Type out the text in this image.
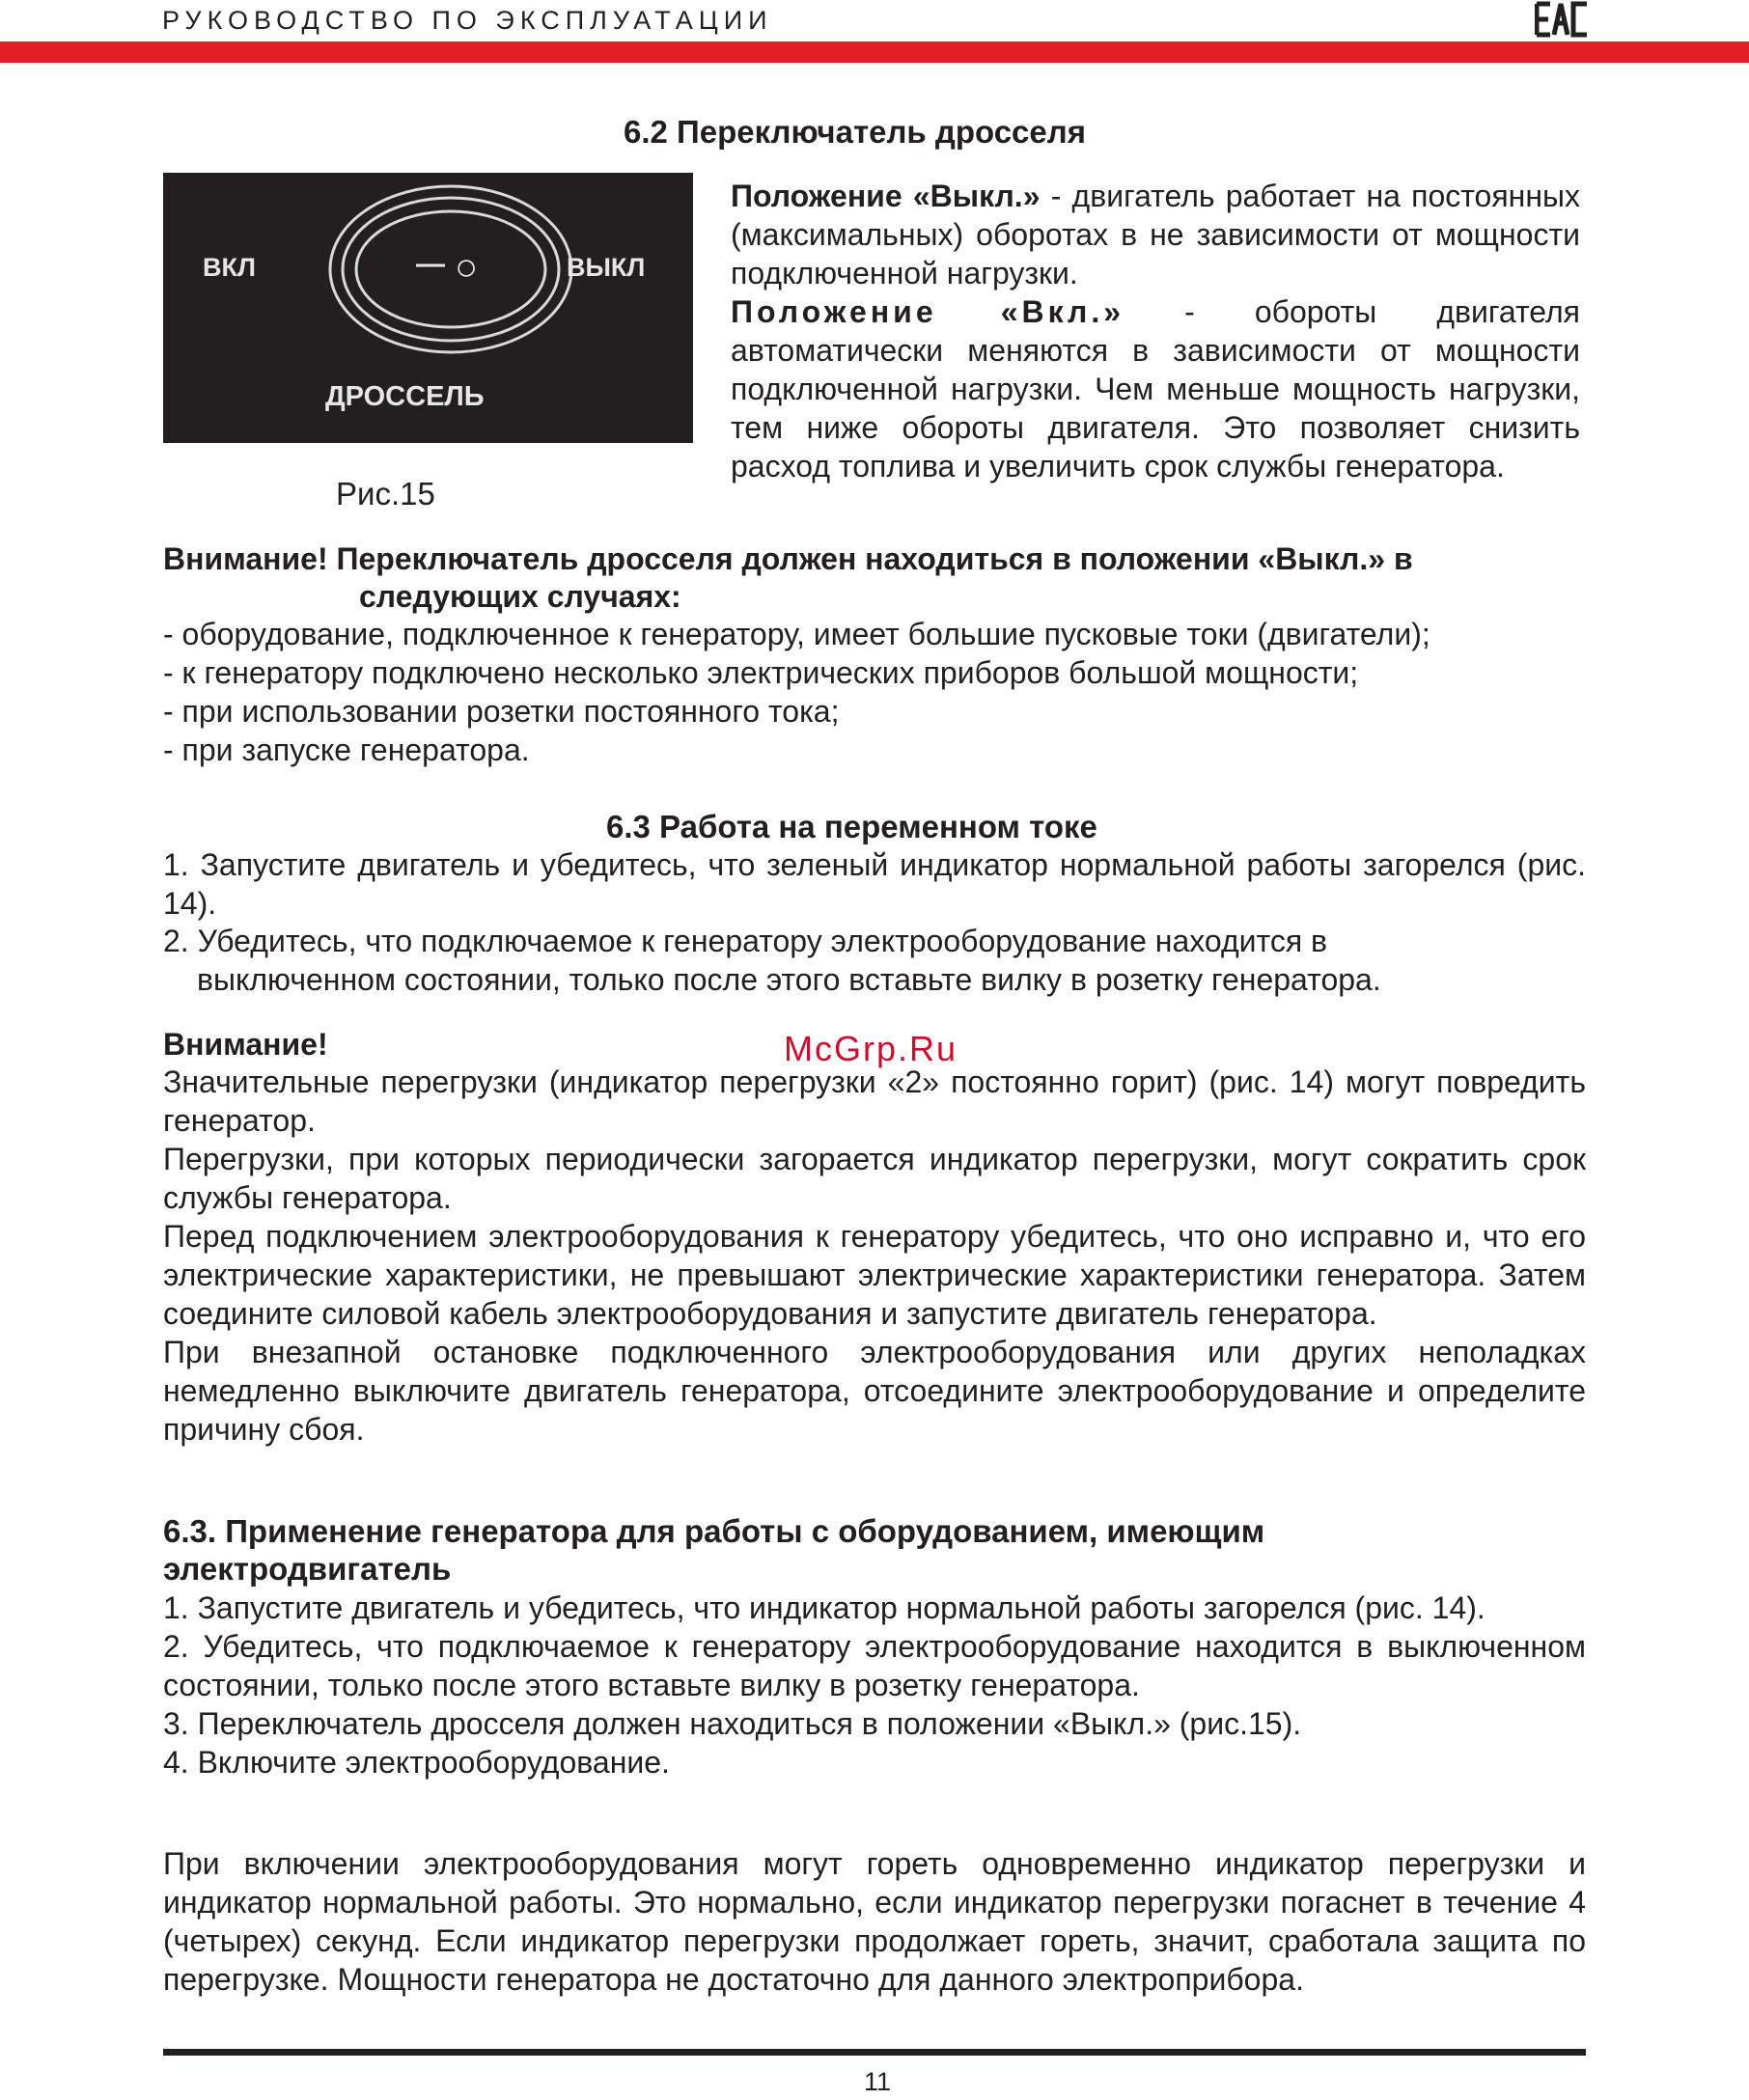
РУКОВОДСТВО ПО ЭКСПЛУАТАЦИИ
6.2 Переключатель дросселя
ВКЛ	ВЫКЛ
— ○
ДРОССЕЛЬ
Рис.15

Положение «Выкл.» - двигатель работает на постоянных (максимальных) оборотах в не зависимости от мощности подключенной нагрузки.

Положение «Вкл.» - обороты двигателя автоматически меняются в зависимости от мощности подключенной нагрузки. Чем меньше мощность нагрузки, тем ниже обороты двигателя. Это позволяет снизить расход топлива и увеличить срок службы генератора.

Внимание! Переключатель дросселя должен находиться в положении «Выкл.» в
следующих случаях:
- оборудование, подключенное к генератору, имеет большие пусковые токи (двигатели);
- к генератору подключено несколько электрических приборов большой мощности;
- при использовании розетки постоянного тока;
- при запуске генератора.
6.3 Работа на переменном токе
1. Запустите двигатель и убедитесь, что зеленый индикатор нормальной работы загорелся (рис. 14).
2. Убедитесь, что подключаемое к генератору электрооборудование находится в
выключенном состоянии, только после этого вставьте вилку в розетку генератора.
Внимание!	McGrp.Ru

Значительные перегрузки (индикатор перегрузки «2» постоянно горит) (рис. 14) могут повредить генератор.

Перегрузки, при которых периодически загорается индикатор перегрузки, могут сократить срок службы генератора.

Перед подключением электрооборудования к генератору убедитесь, что оно исправно и, что его электрические характеристики, не превышают электрические характеристики генератора. Затем соедините силовой кабель электрооборудования и запустите двигатель генератора.

При внезапной остановке подключенного электрооборудования или других неполадках немедленно выключите двигатель генератора, отсоедините электрооборудование и определите причину сбоя.

6.3. Применение генератора для работы с оборудованием, имеющим
электродвигатель

1. Запустите двигатель и убедитесь, что индикатор нормальной работы загорелся (рис. 14).

2. Убедитесь, что подключаемое к генератору электрооборудование находится в выключенном состоянии, только после этого вставьте вилку в розетку генератора.

3. Переключатель дросселя должен находиться в положении «Выкл.» (рис.15).

4. Включите электрооборудование.

При включении электрооборудования могут гореть одновременно индикатор перегрузки и индикатор нормальной работы. Это нормально, если индикатор перегрузки погаснет в течение 4 (четырех) секунд. Если индикатор перегрузки продолжает гореть, значит, сработала защита по перегрузке. Мощности генератора не достаточно для данного электроприбора.
11
